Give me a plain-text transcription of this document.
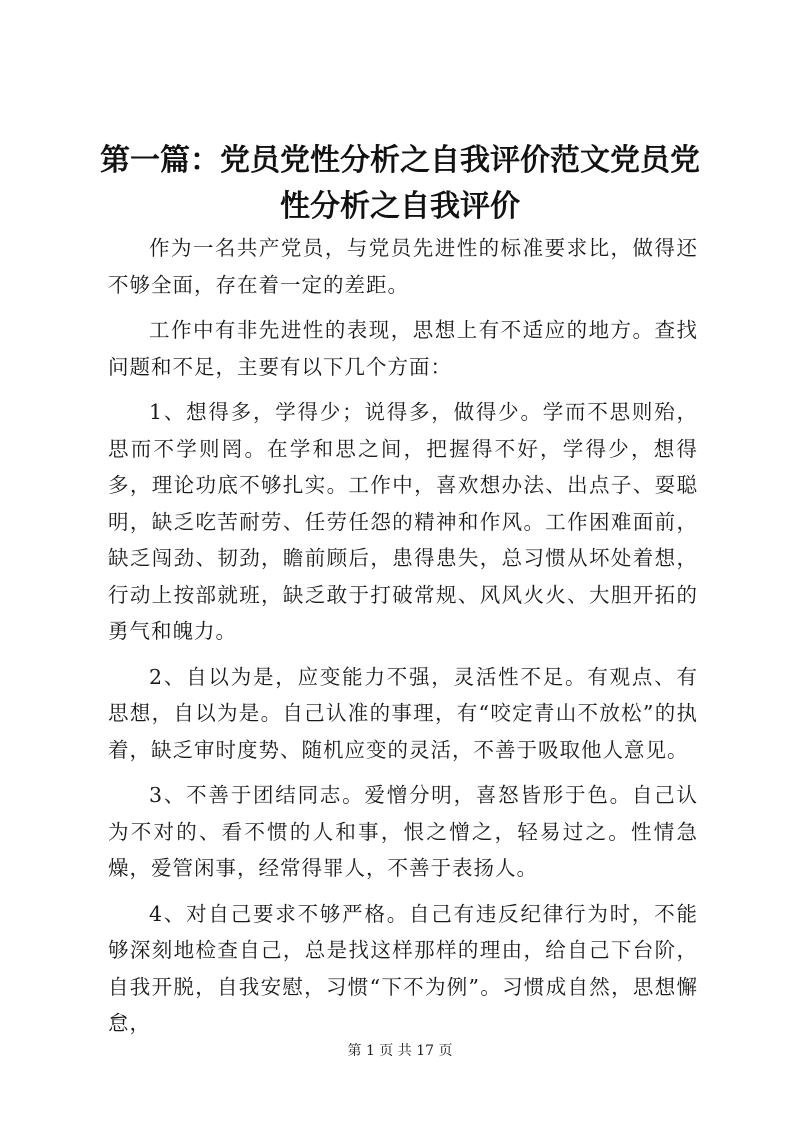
第一篇：党员党性分析之自我评价范文党员党性分析之自我评价

作为一名共产党员，与党员先进性的标准要求比，做得还不够全面，存在着一定的差距。

工作中有非先进性的表现，思想上有不适应的地方。查找问题和不足，主要有以下几个方面：

1、想得多，学得少；说得多，做得少。学而不思则殆，思而不学则罔。在学和思之间，把握得不好，学得少，想得多，理论功底不够扎实。工作中，喜欢想办法、出点子、耍聪明，缺乏吃苦耐劳、任劳任怨的精神和作风。工作困难面前，缺乏闯劲、韧劲，瞻前顾后，患得患失，总习惯从坏处着想，行动上按部就班，缺乏敢于打破常规、风风火火、大胆开拓的勇气和魄力。

2、自以为是，应变能力不强，灵活性不足。有观点、有思想，自以为是。自己认准的事理，有“咬定青山不放松”的执着，缺乏审时度势、随机应变的灵活，不善于吸取他人意见。

3、不善于团结同志。爱憎分明，喜怒皆形于色。自己认为不对的、看不惯的人和事，恨之憎之，轻易过之。性情急燥，爱管闲事，经常得罪人，不善于表扬人。

4、对自己要求不够严格。自己有违反纪律行为时，不能够深刻地检查自己，总是找这样那样的理由，给自己下台阶，自我开脱，自我安慰，习惯“下不为例”。习惯成自然，思想懈怠，

第 1 页 共 17 页
